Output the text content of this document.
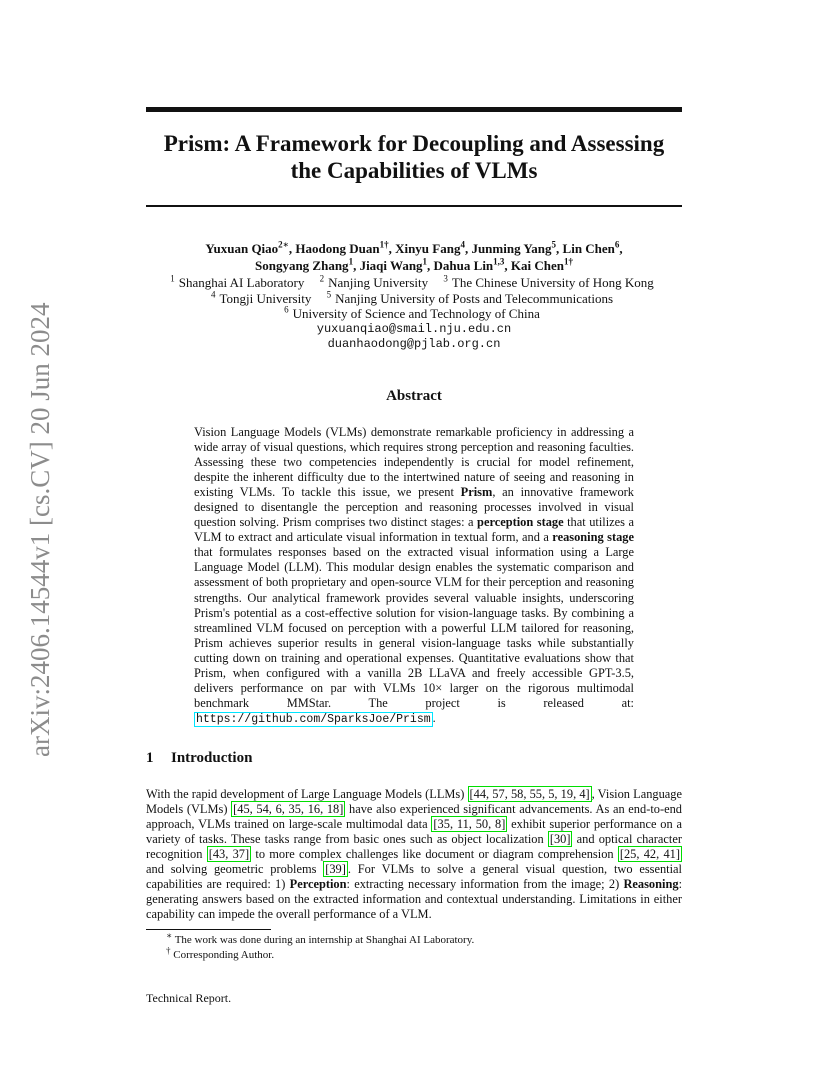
arXiv:2406.14544v1 [cs.CV] 20 Jun 2024
Prism: A Framework for Decoupling and Assessing the Capabilities of VLMs
Yuxuan Qiao$^{2∗}$, Haodong Duan$^{1\dagger}$, Xinyu Fang$^4$, Junming Yang$^5$, Lin Chen$^6$,
Songyang Zhang$^1$, Jiaqi Wang$^1$, Dahua Lin$^{1,3}$, Kai Chen$^{1\dagger}$
$^1$ Shanghai AI Laboratory $^2$ Nanjing University $^3$ The Chinese University of Hong Kong
$^4$ Tongji University $^5$ Nanjing University of Posts and Telecommunications
$^6$ University of Science and Technology of China
yuxuanqiao@smail.nju.edu.cn
duanhaodong@pjlab.org.cn
Abstract
Vision Language Models (VLMs) demonstrate remarkable proficiency in addressing a wide array of visual questions, which requires strong perception and reasoning faculties. Assessing these two competencies independently is crucial for model refinement, despite the inherent difficulty due to the intertwined nature of seeing and reasoning in existing VLMs. To tackle this issue, we present Prism, an innovative framework designed to disentangle the perception and reasoning processes involved in visual question solving. Prism comprises two distinct stages: a perception stage that utilizes a VLM to extract and articulate visual information in textual form, and a reasoning stage that formulates responses based on the extracted visual information using a Large Language Model (LLM). This modular design enables the systematic comparison and assessment of both proprietary and open-source VLM for their perception and reasoning strengths. Our analytical framework provides several valuable insights, underscoring Prism's potential as a cost-effective solution for vision-language tasks. By combining a streamlined VLM focused on perception with a powerful LLM tailored for reasoning, Prism achieves superior results in general vision-language tasks while substantially cutting down on training and operational expenses. Quantitative evaluations show that Prism, when configured with a vanilla 2B LLaVA and freely accessible GPT-3.5, delivers performance on par with VLMs 10× larger on the rigorous multimodal benchmark MMStar. The project is released at: https://github.com/SparksJoe/Prism .
1 Introduction
With the rapid development of Large Language Models (LLMs) [44, 57, 58, 55, 5, 19, 4] , Vision Language Models (VLMs) [45, 54, 6, 35, 16, 18] have also experienced significant advancements. As an end-to-end approach, VLMs trained on large-scale multimodal data [35, 11, 50, 8] exhibit superior performance on a variety of tasks. These tasks range from basic ones such as object localization [30] and optical character recognition [43, 37] to more complex challenges like document or diagram comprehension [25, 42, 41] and solving geometric problems [39] . For VLMs to solve a general visual question, two essential capabilities are required: 1) Perception: extracting necessary information from the image; 2) Reasoning: generating answers based on the extracted information and contextual understanding. Limitations in either capability can impede the overall performance of a VLM.
∗ The work was done during an internship at Shanghai AI Laboratory.
† Corresponding Author.
Technical Report.
